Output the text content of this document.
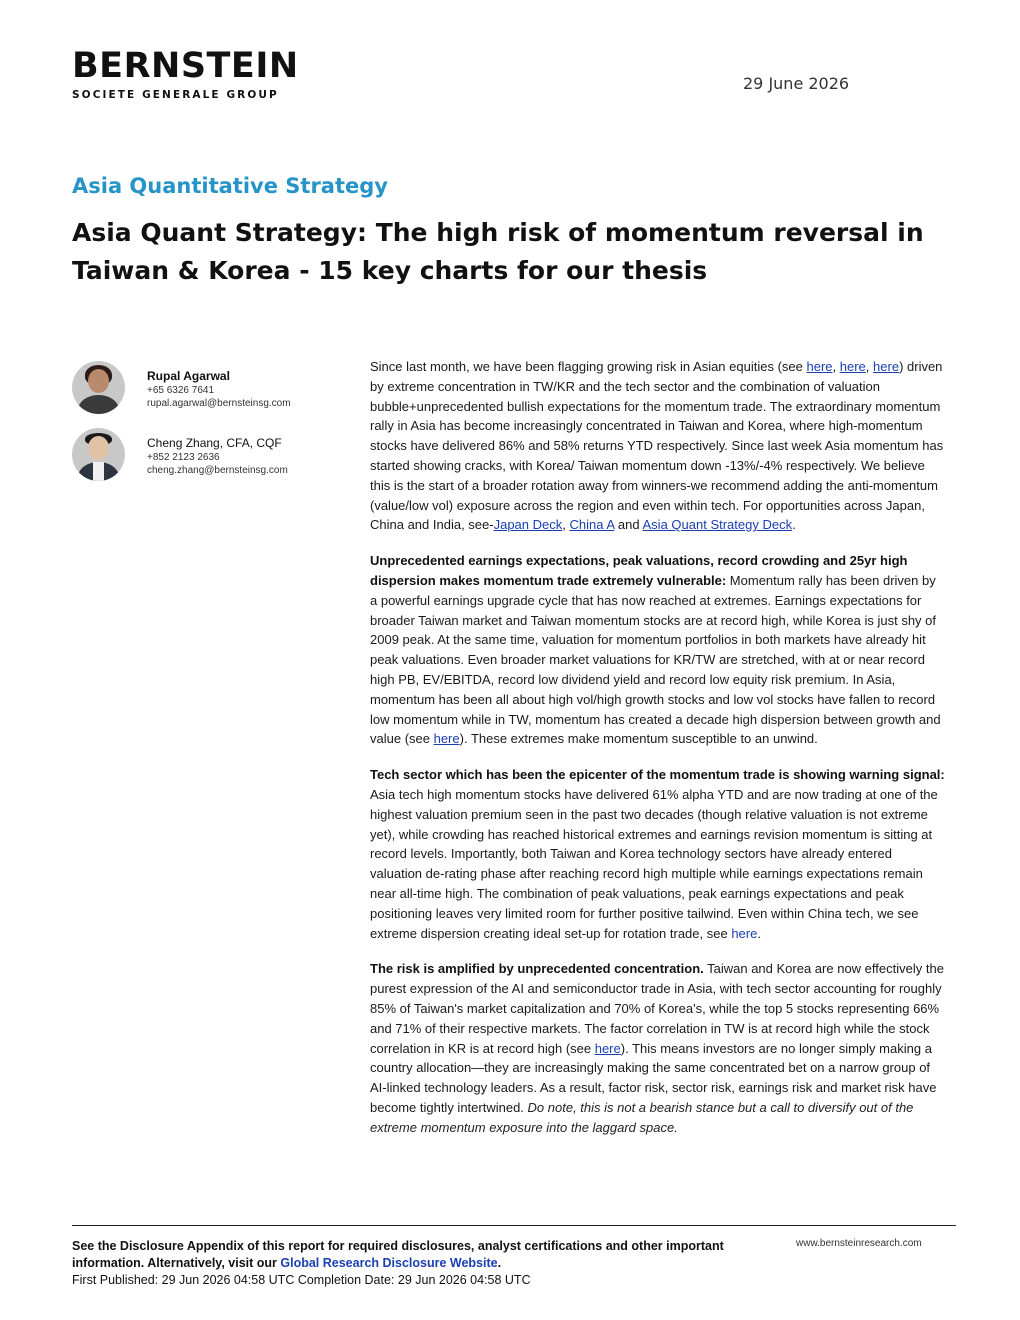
BERNSTEIN
SOCIETE GENERALE GROUP
29 June 2026
Asia Quantitative Strategy
Asia Quant Strategy: The high risk of momentum reversal in Taiwan & Korea - 15 key charts for our thesis
Rupal Agarwal
+65 6326 7641
rupal.agarwal@bernsteinsg.com
Cheng Zhang, CFA, CQF
+852 2123 2636
cheng.zhang@bernsteinsg.com

Since last month, we have been flagging growing risk in Asian equities (see here, here, here) driven by extreme concentration in TW/KR and the tech sector and the combination of valuation bubble+unprecedented bullish expectations for the momentum trade. The extraordinary momentum rally in Asia has become increasingly concentrated in Taiwan and Korea, where high-momentum stocks have delivered 86% and 58% returns YTD respectively. Since last week Asia momentum has started showing cracks, with Korea/ Taiwan momentum down -13%/-4% respectively. We believe this is the start of a broader rotation away from winners-we recommend adding the anti-momentum (value/low vol) exposure across the region and even within tech. For opportunities across Japan, China and India, see-Japan Deck, China A and Asia Quant Strategy Deck.

Unprecedented earnings expectations, peak valuations, record crowding and 25yr high dispersion makes momentum trade extremely vulnerable: Momentum rally has been driven by a powerful earnings upgrade cycle that has now reached at extremes. Earnings expectations for broader Taiwan market and Taiwan momentum stocks are at record high, while Korea is just shy of 2009 peak. At the same time, valuation for momentum portfolios in both markets have already hit peak valuations. Even broader market valuations for KR/TW are stretched, with at or near record high PB, EV/EBITDA, record low dividend yield and record low equity risk premium. In Asia, momentum has been all about high vol/high growth stocks and low vol stocks have fallen to record low momentum while in TW, momentum has created a decade high dispersion between growth and value (see here). These extremes make momentum susceptible to an unwind.

Tech sector which has been the epicenter of the momentum trade is showing warning signal: Asia tech high momentum stocks have delivered 61% alpha YTD and are now trading at one of the highest valuation premium seen in the past two decades (though relative valuation is not extreme yet), while crowding has reached historical extremes and earnings revision momentum is sitting at record levels. Importantly, both Taiwan and Korea technology sectors have already entered valuation de-rating phase after reaching record high multiple while earnings expectations remain near all-time high. The combination of peak valuations, peak earnings expectations and peak positioning leaves very limited room for further positive tailwind. Even within China tech, we see extreme dispersion creating ideal set-up for rotation trade, see here.

The risk is amplified by unprecedented concentration. Taiwan and Korea are now effectively the purest expression of the AI and semiconductor trade in Asia, with tech sector accounting for roughly 85% of Taiwan's market capitalization and 70% of Korea's, while the top 5 stocks representing 66% and 71% of their respective markets. The factor correlation in TW is at record high while the stock correlation in KR is at record high (see here). This means investors are no longer simply making a country allocation—they are increasingly making the same concentrated bet on a narrow group of AI-linked technology leaders. As a result, factor risk, sector risk, earnings risk and market risk have become tightly intertwined. Do note, this is not a bearish stance but a call to diversify out of the extreme momentum exposure into the laggard space.

See the Disclosure Appendix of this report for required disclosures, analyst certifications and other important information. Alternatively, visit our Global Research Disclosure Website.
First Published: 29 Jun 2026 04:58 UTC Completion Date: 29 Jun 2026 04:58 UTC
www.bernsteinresearch.com
